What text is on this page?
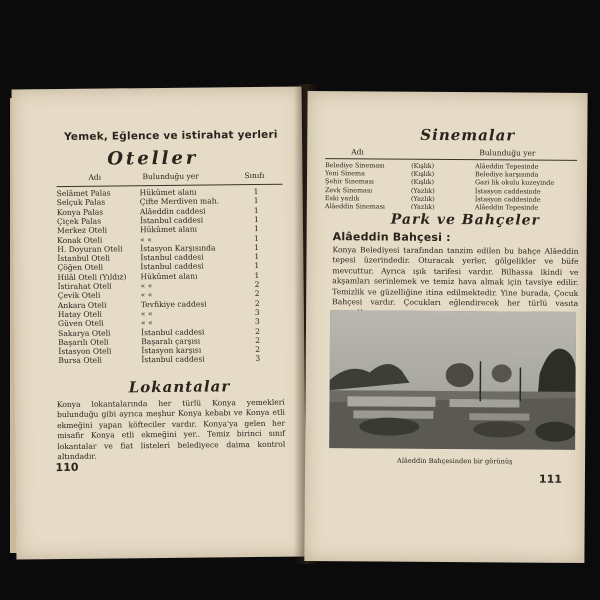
Yemek, Eğlence ve istirahat yerleri
Oteller
Adı	Bulunduğu yer	Sınıfı
Lokantalar
Konya lokantalarında her türlü Konya yemekleri bulunduğu gibi ayrıca meşhur Konya kebabı ve Konya etli ekmeğini yapan köfteciler vardır. Konya'ya gelen her misafir Konya etli ekmeğini yer.. Temiz birinci sınıf lokantalar ve fiat listeleri belediyece daima kontrol altındadır.
110
Selâmet Palas	Hükûmet alanı	1
Selçuk Palas	Çifte Merdiven mah.	1
Konya Palas	Alâeddin caddesi	1
Çiçek Palas	İstanbul caddesi	1
Merkez Oteli	Hükûmet alanı	1
Konak Oteli	« «	1
H. Doyuran Oteli İstasyon Karşısında	1
İstanbul Oteli	İstanbul caddesi	1
Çöğen Oteli	İstanbul caddesi	1
Hilâl Oteli (Yıldız) Hükûmet alanı	1
İstirahat Oteli	« «	2
Çevik Oteli	« «	2
Ankara Oteli	Tevfikiye caddesi	2
Hatay Oteli	« «	3
Güven Oteli	« «	3
Sakarya Oteli	İstanbul caddesi	2
Başarılı Oteli	Başaralı çarşısı	2
İstasyon Oteli	İstasyon karşısı	2
Bursa Oteli	İstanbul caddesi	3
Sinemalar
Adı	Bulunduğu yer
Park ve Bahçeler
Alâeddin Bahçesi :
Konya Belediyesi tarafından tanzim edilen bu bahçe Alâeddin tepesi üzerindedir. Oturacak yerler, gölgelikler ve büfe mevcuttur. Ayrıca ışık tarifesi vardır. Bilhassa ikindi ve akşamları serinlemek ve temiz hava almak için tavsiye edilir. Temizlik ve güzelliğine itina edilmektedir. Yine burada, Çocuk Bahçesi vardır. Çocukları eğlendirecek her türlü vasıta
Alâeddin Bahçesinden bir görünüş
111
Belediye Sineması	(Kışlık)	Alâeddin Tepesinde
Yeni Sinema	(Kışlık)	Belediye karşısında
Şehir Sineması	(Kışlık)	Gazi lik okulu kuzeyinde
Zevk Sineması	(Yazlık)	İstasyon caddesinde
Eski yazlık	(Yazlık)	İstasyon caddesinde
Alâeddin Sineması	(Yazlık)	Alâeddin Tepesinde
